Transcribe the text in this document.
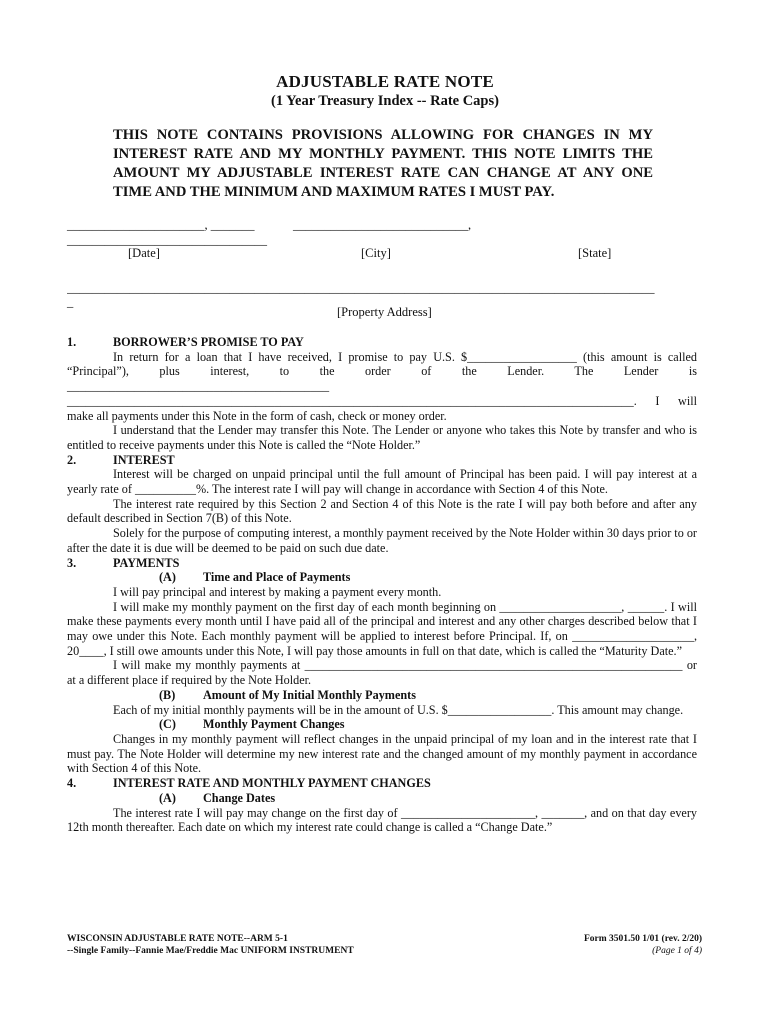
ADJUSTABLE RATE NOTE
(1 Year Treasury Index -- Rate Caps)
THIS NOTE CONTAINS PROVISIONS ALLOWING FOR CHANGES IN MY INTEREST RATE AND MY MONTHLY PAYMENT. THIS NOTE LIMITS THE AMOUNT MY ADJUSTABLE INTEREST RATE CAN CHANGE AT ANY ONE TIME AND THE MINIMUM AND MAXIMUM RATES I MUST PAY.
______________________, _______	____________________________,
________________________________
[Date]	[City]	[State]
______________________________________________________________________________________________
_
[Property Address]
1.	BORROWER’S PROMISE TO PAY
In return for a loan that I have received, I promise to pay U.S. $__________________ (this amount is called
“Principal”), plus interest, to the order of the Lender. The Lender is
___________________________________________
_____________________________________________________________________________________________. I will
make all payments under this Note in the form of cash, check or money order.
I understand that the Lender may transfer this Note. The Lender or anyone who takes this Note by transfer and who is entitled to receive payments under this Note is called the “Note Holder.”
2.	INTEREST
Interest will be charged on unpaid principal until the full amount of Principal has been paid. I will pay interest at a yearly rate of __________%. The interest rate I will pay will change in accordance with Section 4 of this Note.
The interest rate required by this Section 2 and Section 4 of this Note is the rate I will pay both before and after any default described in Section 7(B) of this Note.
Solely for the purpose of computing interest, a monthly payment received by the Note Holder within 30 days prior to or after the date it is due will be deemed to be paid on such due date.
3.	PAYMENTS
(A) Time and Place of Payments
I will pay principal and interest by making a payment every month.
I will make my monthly payment on the first day of each month beginning on ____________________, ______. I will make these payments every month until I have paid all of the principal and interest and any other charges described below that I may owe under this Note. Each monthly payment will be applied to interest before Principal. If, on ____________________, 20____, I still owe amounts under this Note, I will pay those amounts in full on that date, which is called the “Maturity Date.”
I will make my monthly payments at ______________________________________________________________ or at a different place if required by the Note Holder.
(B) Amount of My Initial Monthly Payments
Each of my initial monthly payments will be in the amount of U.S. $_________________. This amount may change.
(C) Monthly Payment Changes
Changes in my monthly payment will reflect changes in the unpaid principal of my loan and in the interest rate that I must pay. The Note Holder will determine my new interest rate and the changed amount of my monthly payment in accordance with Section 4 of this Note.
4.	INTEREST RATE AND MONTHLY PAYMENT CHANGES
(A) Change Dates
The interest rate I will pay may change on the first day of ______________________, _______, and on that day every 12th month thereafter. Each date on which my interest rate could change is called a “Change Date.”
WISCONSIN ADJUSTABLE RATE NOTE--ARM 5-1
--Single Family--Fannie Mae/Freddie Mac UNIFORM INSTRUMENT
Form 3501.50 1/01 (rev. 2/20)
(Page 1 of 4)
